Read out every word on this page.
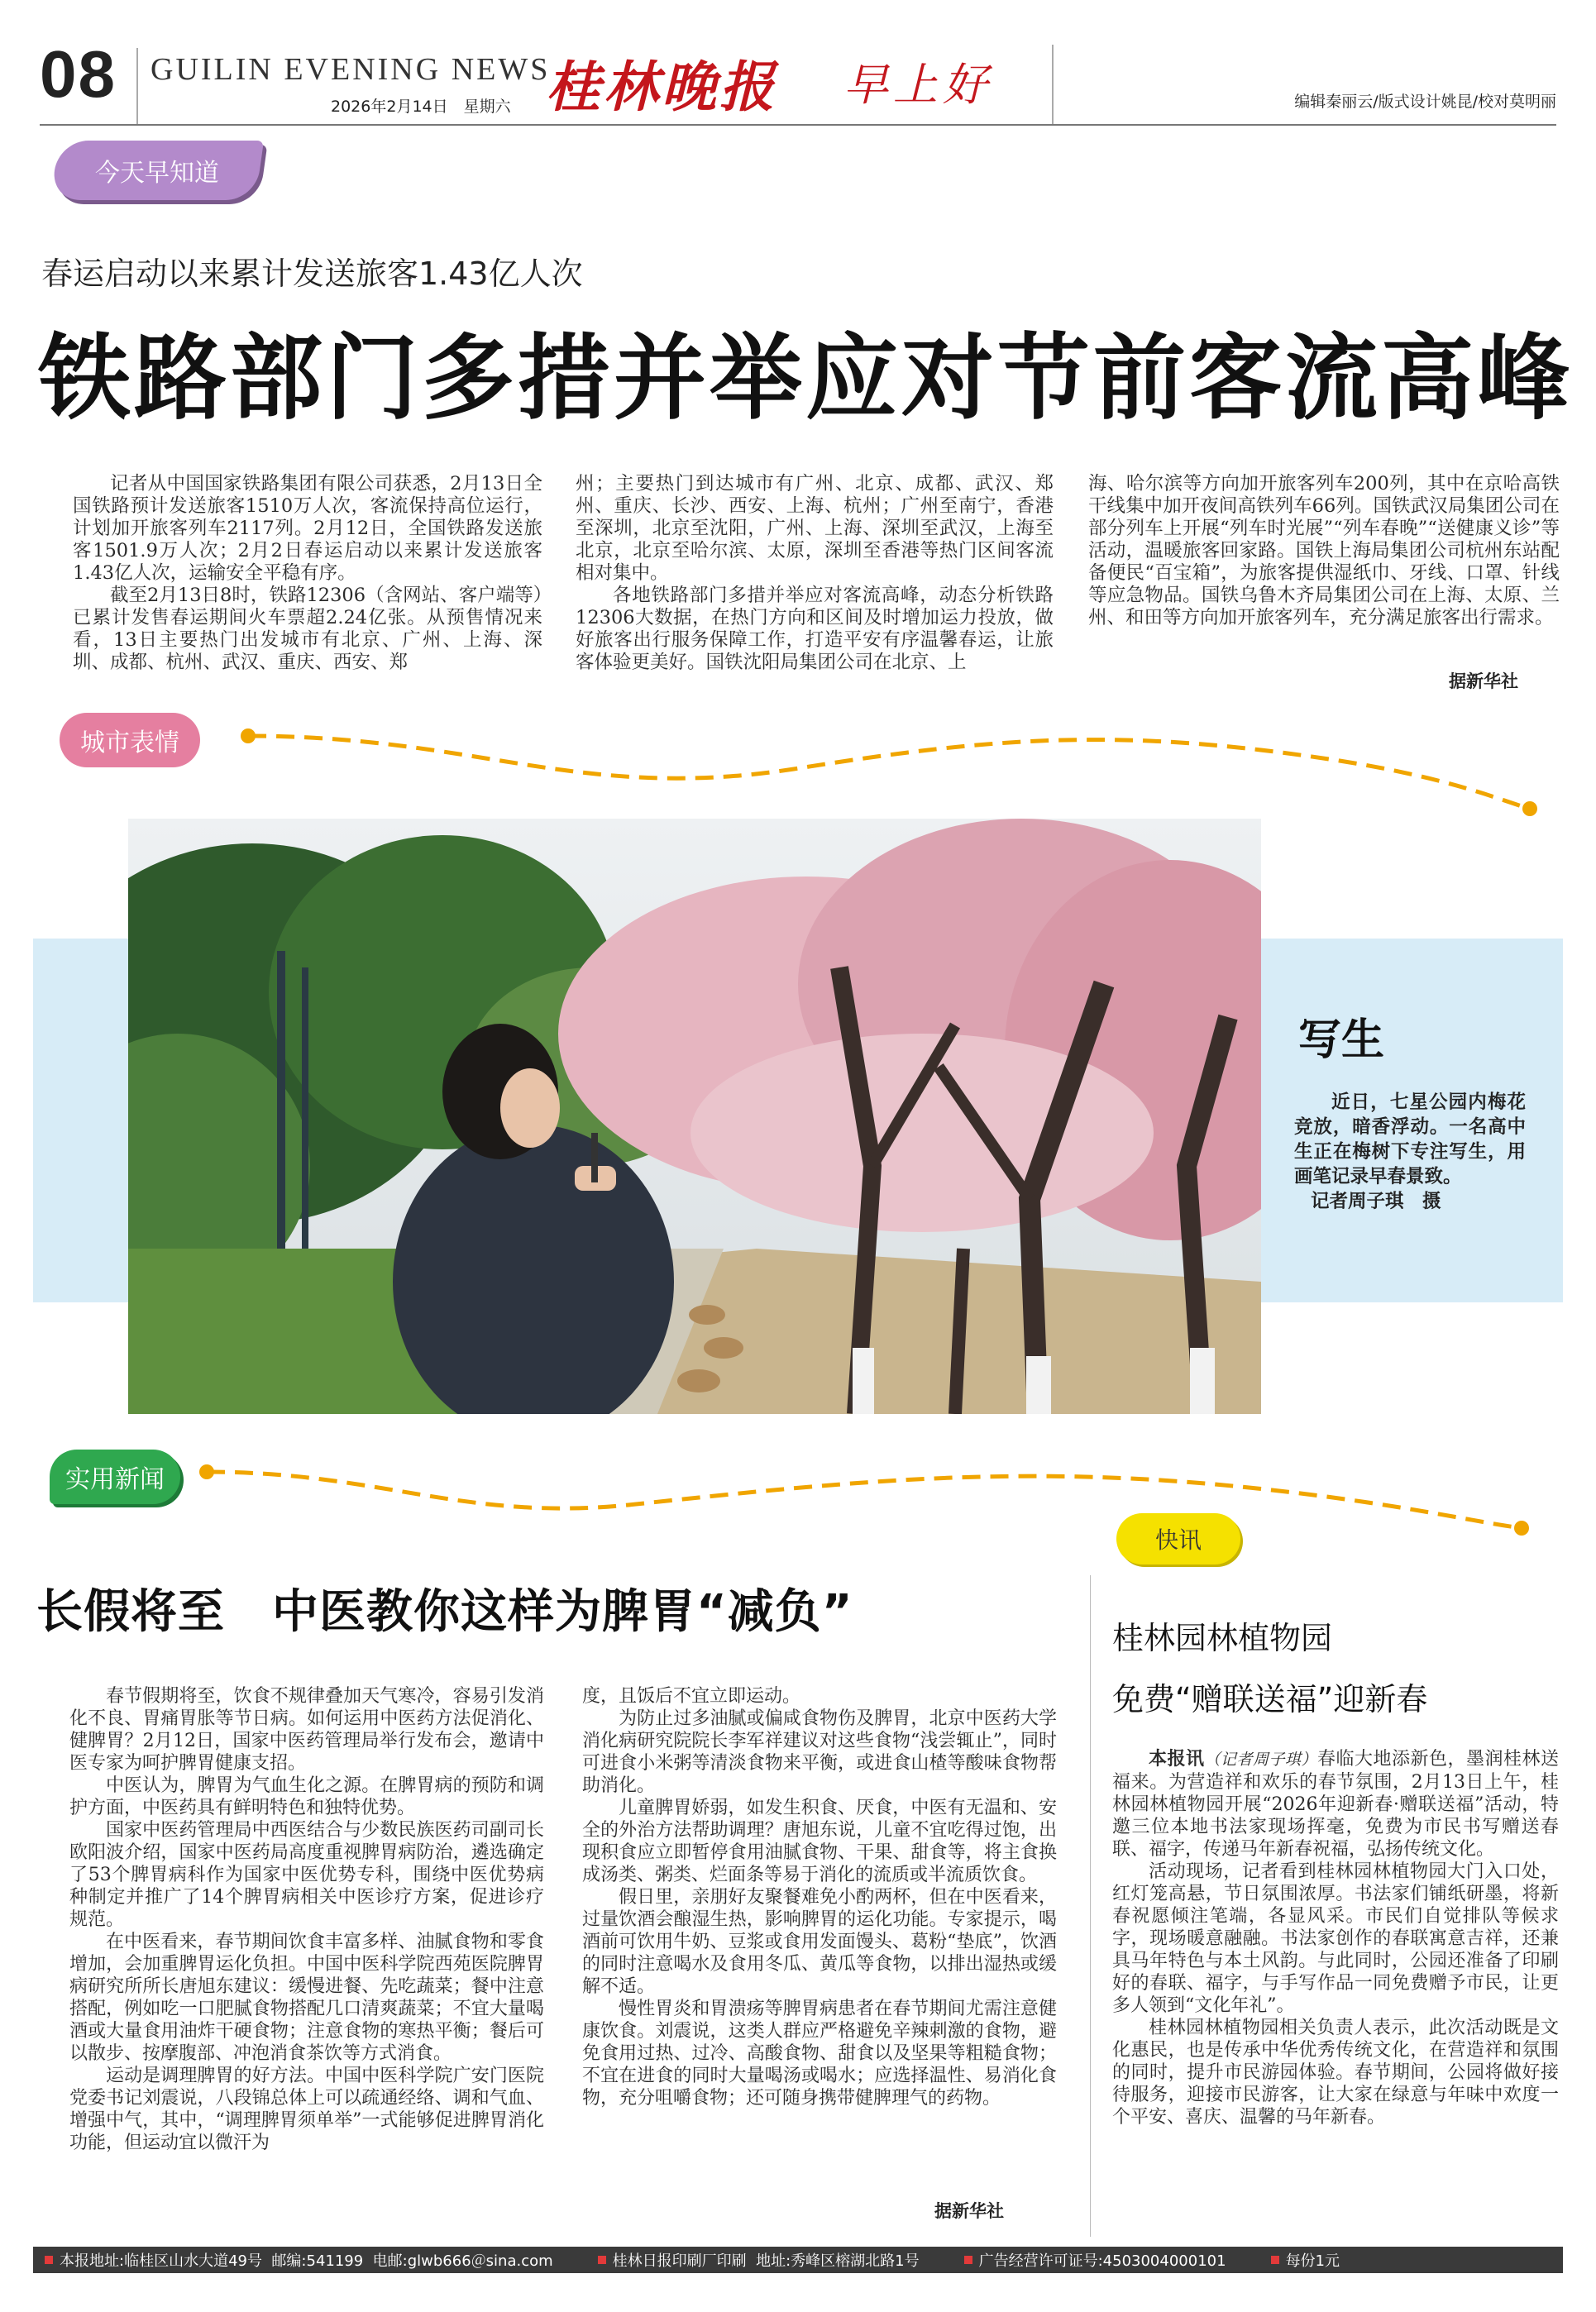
08 GUILIN EVENING NEWS
2026年2月14日　 星期六 桂林晚报 早上好	编辑秦丽云/版式设计姚昆/校对莫明丽
今天早知道
春运启动以来累计发送旅客1.43亿人次
铁路部门多措并举应对节前客流高峰

记者从中国国家铁路集团有限公司获悉，2月13日全国铁路预计发送旅客1510万人次，客流保持高位运行，计划加开旅客列车2117列。2月12日，全国铁路发送旅客1501.9万人次；2月2日春运启动以来累计发送旅客1.43亿人次，运输安全平稳有序。

截至2月13日8时，铁路12306（含网站、客户端等）已累计发售春运期间火车票超2.24亿张。从预售情况来看，13日主要热门出发城市有北京、广州、上海、深圳、成都、杭州、武汉、重庆、西安、郑

州；主要热门到达城市有广州、北京、成都、武汉、郑州、重庆、长沙、西安、上海、杭州；广州至南宁，香港至深圳，北京至沈阳，广州、上海、深圳至武汉，上海至北京，北京至哈尔滨、太原，深圳至香港等热门区间客流相对集中。

各地铁路部门多措并举应对客流高峰，动态分析铁路12306大数据，在热门方向和区间及时增加运力投放，做好旅客出行服务保障工作，打造平安有序温馨春运，让旅客体验更美好。国铁沈阳局集团公司在北京、上

海、哈尔滨等方向加开旅客列车200列，其中在京哈高铁干线集中加开夜间高铁列车66列。国铁武汉局集团公司在部分列车上开展“列车时光展”“列车春晚”“送健康义诊”等活动，温暖旅客回家路。国铁上海局集团公司杭州东站配备便民“百宝箱”，为旅客提供湿纸巾、牙线、口罩、针线等应急物品。国铁乌鲁木齐局集团公司在上海、太原、兰州、和田等方向加开旅客列车，充分满足旅客出行需求。

据新华社
城市表情
写生

近日，七星公园内梅花竞放，暗香浮动。一名高中生正在梅树下专注写生，用画笔记录早春景致。

记者周子琪　摄

实用新闻
快讯
长假将至　中医教你这样为脾胃“减负”

春节假期将至，饮食不规律叠加天气寒冷，容易引发消化不良、胃痛胃胀等节日病。如何运用中医药方法促消化、健脾胃？2月12日，国家中医药管理局举行发布会，邀请中医专家为呵护脾胃健康支招。

中医认为，脾胃为气血生化之源。在脾胃病的预防和调护方面，中医药具有鲜明特色和独特优势。

国家中医药管理局中西医结合与少数民族医药司副司长欧阳波介绍，国家中医药局高度重视脾胃病防治，遴选确定了53个脾胃病科作为国家中医优势专科，围绕中医优势病种制定并推广了14个脾胃病相关中医诊疗方案，促进诊疗规范。

在中医看来，春节期间饮食丰富多样、油腻食物和零食增加，会加重脾胃运化负担。中国中医科学院西苑医院脾胃病研究所所长唐旭东建议：缓慢进餐、先吃蔬菜；餐中注意搭配，例如吃一口肥腻食物搭配几口清爽蔬菜；不宜大量喝酒或大量食用油炸干硬食物；注意食物的寒热平衡；餐后可以散步、按摩腹部、冲泡消食茶饮等方式消食。

运动是调理脾胃的好方法。中国中医科学院广安门医院党委书记刘震说，八段锦总体上可以疏通经络、调和气血、增强中气，其中，“调理脾胃须单举”一式能够促进脾胃消化功能，但运动宜以微汗为

度，且饭后不宜立即运动。

为防止过多油腻或偏咸食物伤及脾胃，北京中医药大学消化病研究院院长李军祥建议对这些食物“浅尝辄止”，同时可进食小米粥等清淡食物来平衡，或进食山楂等酸味食物帮助消化。

儿童脾胃娇弱，如发生积食、厌食，中医有无温和、安全的外治方法帮助调理？唐旭东说，儿童不宜吃得过饱，出现积食应立即暂停食用油腻食物、干果、甜食等，将主食换成汤类、粥类、烂面条等易于消化的流质或半流质饮食。

假日里，亲朋好友聚餐难免小酌两杯，但在中医看来，过量饮酒会酿湿生热，影响脾胃的运化功能。专家提示，喝酒前可饮用牛奶、豆浆或食用发面馒头、葛粉“垫底”，饮酒的同时注意喝水及食用冬瓜、黄瓜等食物，以排出湿热或缓解不适。

慢性胃炎和胃溃疡等脾胃病患者在春节期间尤需注意健康饮食。刘震说，这类人群应严格避免辛辣刺激的食物，避免食用过热、过冷、高酸食物、甜食以及坚果等粗糙食物；不宜在进食的同时大量喝汤或喝水；应选择温性、易消化食物，充分咀嚼食物；还可随身携带健脾理气的药物。

据新华社
桂林园林植物园
免费“赠联送福”迎新春

本报讯（记者周子琪）春临大地添新色，墨润桂林送福来。为营造祥和欢乐的春节氛围，2月13日上午，桂林园林植物园开展“2026年迎新春·赠联送福”活动，特邀三位本地书法家现场挥毫，免费为市民书写赠送春联、福字，传递马年新春祝福，弘扬传统文化。

活动现场，记者看到桂林园林植物园大门入口处，红灯笼高悬，节日氛围浓厚。书法家们铺纸研墨，将新春祝愿倾注笔端，各显风采。市民们自觉排队等候求字，现场暖意融融。书法家创作的春联寓意吉祥，还兼具马年特色与本土风韵。与此同时，公园还准备了印刷好的春联、福字，与手写作品一同免费赠予市民，让更多人领到“文化年礼”。

桂林园林植物园相关负责人表示，此次活动既是文化惠民，也是传承中华优秀传统文化，在营造祥和氛围的同时，提升市民游园体验。春节期间，公园将做好接待服务，迎接市民游客，让大家在绿意与年味中欢度一个平安、喜庆、温馨的马年新春。

本报地址:临桂区山水大道49号
邮编:541199
电邮:glwb666＠sina.com	桂林日报印刷厂印刷
地址:秀峰区榕湖北路1号	广告经营许可证号:4503004000101	每份1元
